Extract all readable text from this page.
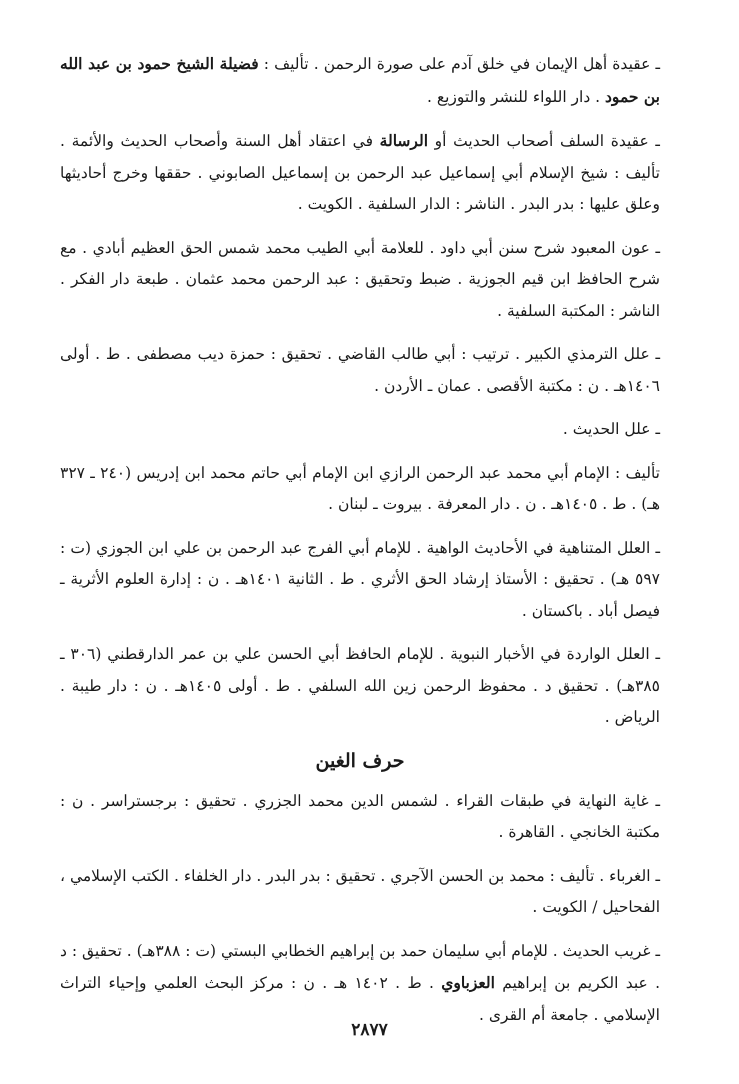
ـ عقيدة أهل الإيمان في خلق آدم على صورة الرحمن . تأليف : فضيلة الشيخ حمود بن عبد الله بن حمود . دار اللواء للنشر والتوزيع .

ـ عقيدة السلف أصحاب الحديث أو الرسالة في اعتقاد أهل السنة وأصحاب الحديث والأئمة . تأليف : شيخ الإسلام أبي إسماعيل عبد الرحمن بن إسماعيل الصابوني . حققها وخرج أحاديثها وعلق عليها : بدر البدر . الناشر : الدار السلفية . الكويت .

ـ عون المعبود شرح سنن أبي داود . للعلامة أبي الطيب محمد شمس الحق العظيم أبادي . مع شرح الحافظ ابن قيم الجوزية . ضبط وتحقيق : عبد الرحمن محمد عثمان . طبعة دار الفكر . الناشر : المكتبة السلفية .

ـ علل الترمذي الكبير . ترتيب : أبي طالب القاضي . تحقيق : حمزة ديب مصطفى . ط . أولى ١٤٠٦هـ . ن : مكتبة الأقصى . عمان ـ الأردن .

ـ علل الحديث .

تأليف : الإمام أبي محمد عبد الرحمن الرازي ابن الإمام أبي حاتم محمد ابن إدريس (٢٤٠ ـ ٣٢٧ هـ) . ط . ١٤٠٥هـ . ن . دار المعرفة . بيروت ـ لبنان .

ـ العلل المتناهية في الأحاديث الواهية . للإمام أبي الفرج عبد الرحمن بن علي ابن الجوزي (ت : ٥٩٧ هـ) . تحقيق : الأستاذ إرشاد الحق الأثري . ط . الثانية ١٤٠١هـ . ن : إدارة العلوم الأثرية ـ فيصل أباد . باكستان .

ـ العلل الواردة في الأخبار النبوية . للإمام الحافظ أبي الحسن علي بن عمر الدارقطني (٣٠٦ ـ ٣٨٥هـ) . تحقيق د . محفوظ الرحمن زين الله السلفي . ط . أولى ١٤٠٥هـ . ن : دار طيبة . الرياض .

حرف الغين

ـ غاية النهاية في طبقات القراء . لشمس الدين محمد الجزري . تحقيق : برجستراسر . ن : مكتبة الخانجي . القاهرة .

ـ الغرباء . تأليف : محمد بن الحسن الآجري . تحقيق : بدر البدر . دار الخلفاء . الكتب الإسلامي ، الفحاحيل / الكويت .

ـ غريب الحديث . للإمام أبي سليمان حمد بن إبراهيم الخطابي البستي (ت : ٣٨٨هـ) . تحقيق : د . عبد الكريم بن إبراهيم العزباوي . ط . ١٤٠٢ هـ . ن : مركز البحث العلمي وإحياء التراث الإسلامي . جامعة أم القرى .

٢٨٧٧
